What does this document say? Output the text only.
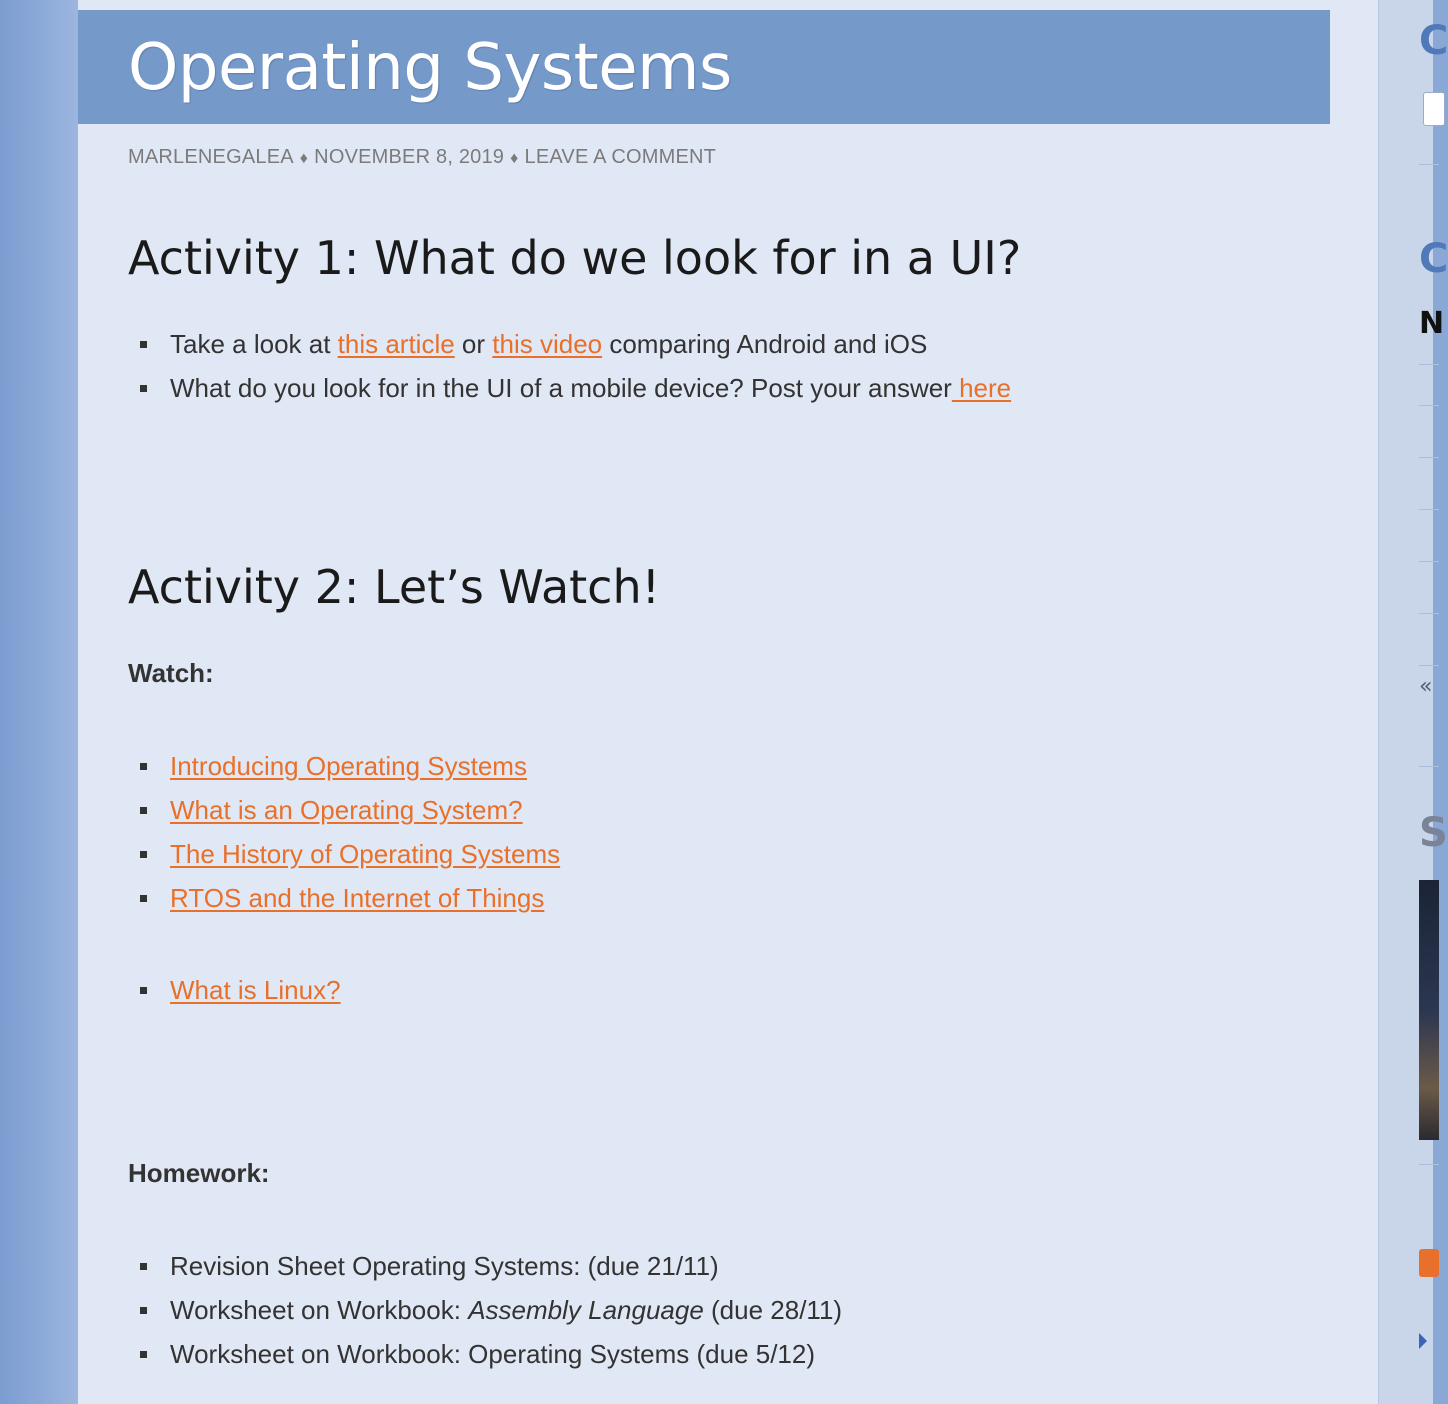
Operating Systems
MARLENEGALEA ♦ NOVEMBER 8, 2019 ♦ LEAVE A COMMENT
Activity 1: What do we look for in a UI?
Take a look at this article or this video comparing Android and iOS
What do you look for in the UI of a mobile device? Post your answer here
Activity 2: Let’s Watch!
Watch:
Introducing Operating Systems
What is an Operating System?
The History of Operating Systems
RTOS and the Internet of Things
What is Linux?
Homework:
Revision Sheet Operating Systems: (due 21/11)
Worksheet on Workbook: Assembly Language (due 28/11)
Worksheet on Workbook: Operating Systems (due 5/12)
C
C
N
«
S
